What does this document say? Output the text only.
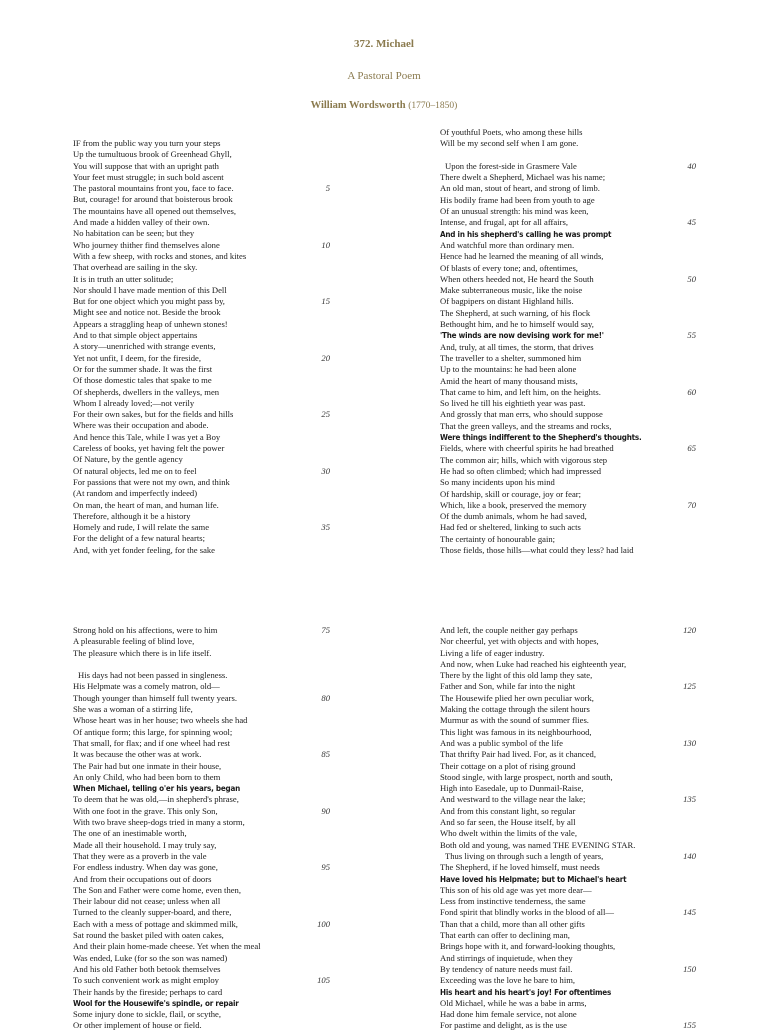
372. Michael
A Pastoral Poem
William Wordsworth (1770–1850)
IF from the public way you turn your steps
Up the tumultuous brook of Greenhead Ghyll,
You will suppose that with an upright path
Your feet must struggle; in such bold ascent
The pastoral mountains front you, face to face.	5
But, courage! for around that boisterous brook
The mountains have all opened out themselves,
And made a hidden valley of their own.
No habitation can be seen; but they
Who journey thither find themselves alone	10
With a few sheep, with rocks and stones, and kites
That overhead are sailing in the sky.
It is in truth an utter solitude;
Nor should I have made mention of this Dell
But for one object which you might pass by,	15
Might see and notice not. Beside the brook
Appears a straggling heap of unhewn stones!
And to that simple object appertains
A story—unenriched with strange events,
Yet not unfit, I deem, for the fireside,	20
Or for the summer shade. It was the first
Of those domestic tales that spake to me
Of shepherds, dwellers in the valleys, men
Whom I already loved;—not verily
For their own sakes, but for the fields and hills	25
Where was their occupation and abode.
And hence this Tale, while I was yet a Boy
Careless of books, yet having felt the power
Of Nature, by the gentle agency
Of natural objects, led me on to feel	30
For passions that were not my own, and think
(At random and imperfectly indeed)
On man, the heart of man, and human life.
Therefore, although it be a history
Homely and rude, I will relate the same	35
For the delight of a few natural hearts;
And, with yet fonder feeling, for the sake
Of youthful Poets, who among these hills
Will be my second self when I am gone.
Upon the forest-side in Grasmere Vale	40
There dwelt a Shepherd, Michael was his name;
An old man, stout of heart, and strong of limb.
His bodily frame had been from youth to age
Of an unusual strength: his mind was keen,
Intense, and frugal, apt for all affairs,	45
And in his shepherd's calling he was prompt
And watchful more than ordinary men.
Hence had he learned the meaning of all winds,
Of blasts of every tone; and, oftentimes,
When others heeded not, He heard the South	50
Make subterraneous music, like the noise
Of bagpipers on distant Highland hills.
The Shepherd, at such warning, of his flock
Bethought him, and he to himself would say,
'The winds are now devising work for me!'	55
And, truly, at all times, the storm, that drives
The traveller to a shelter, summoned him
Up to the mountains: he had been alone
Amid the heart of many thousand mists,
That came to him, and left him, on the heights.	60
So lived he till his eightieth year was past.
And grossly that man errs, who should suppose
That the green valleys, and the streams and rocks,
Were things indifferent to the Shepherd's thoughts.
Fields, where with cheerful spirits he had breathed	65
The common air; hills, which with vigorous step
He had so often climbed; which had impressed
So many incidents upon his mind
Of hardship, skill or courage, joy or fear;
Which, like a book, preserved the memory	70
Of the dumb animals, whom he had saved,
Had fed or sheltered, linking to such acts
The certainty of honourable gain;
Those fields, those hills—what could they less? had laid
Strong hold on his affections, were to him	75
A pleasurable feeling of blind love,
The pleasure which there is in life itself.
His days had not been passed in singleness.
His Helpmate was a comely matron, old—
Though younger than himself full twenty years.	80
She was a woman of a stirring life,
Whose heart was in her house; two wheels she had
Of antique form; this large, for spinning wool;
That small, for flax; and if one wheel had rest
It was because the other was at work.	85
The Pair had but one inmate in their house,
An only Child, who had been born to them
When Michael, telling o'er his years, began
To deem that he was old,—in shepherd's phrase,
With one foot in the grave. This only Son,	90
With two brave sheep-dogs tried in many a storm,
The one of an inestimable worth,
Made all their household. I may truly say,
That they were as a proverb in the vale
For endless industry. When day was gone,	95
And from their occupations out of doors
The Son and Father were come home, even then,
Their labour did not cease; unless when all
Turned to the cleanly supper-board, and there,
Each with a mess of pottage and skimmed milk,	100
Sat round the basket piled with oaten cakes,
And their plain home-made cheese. Yet when the meal
Was ended, Luke (for so the son was named)
And his old Father both betook themselves
To such convenient work as might employ	105
Their hands by the fireside; perhaps to card
Wool for the Housewife's spindle, or repair
Some injury done to sickle, flail, or scythe,
Or other implement of house or field.
And left, the couple neither gay perhaps	120
Nor cheerful, yet with objects and with hopes,
Living a life of eager industry.
And now, when Luke had reached his eighteenth year,
There by the light of this old lamp they sate,
Father and Son, while far into the night	125
The Housewife plied her own peculiar work,
Making the cottage through the silent hours
Murmur as with the sound of summer flies.
This light was famous in its neighbourhood,
And was a public symbol of the life	130
That thrifty Pair had lived. For, as it chanced,
Their cottage on a plot of rising ground
Stood single, with large prospect, north and south,
High into Easedale, up to Dunmail-Raise,
And westward to the village near the lake;	135
And from this constant light, so regular
And so far seen, the House itself, by all
Who dwelt within the limits of the vale,
Both old and young, was named THE EVENING STAR.
Thus living on through such a length of years,	140
The Shepherd, if he loved himself, must needs
Have loved his Helpmate; but to Michael's heart
This son of his old age was yet more dear—
Less from instinctive tenderness, the same
Fond spirit that blindly works in the blood of all—	145
Than that a child, more than all other gifts
That earth can offer to declining man,
Brings hope with it, and forward-looking thoughts,
And stirrings of inquietude, when they
By tendency of nature needs must fail.	150
Exceeding was the love he bare to him,
His heart and his heart's joy! For oftentimes
Old Michael, while he was a babe in arms,
Had done him female service, not alone
For pastime and delight, as is the use	155
